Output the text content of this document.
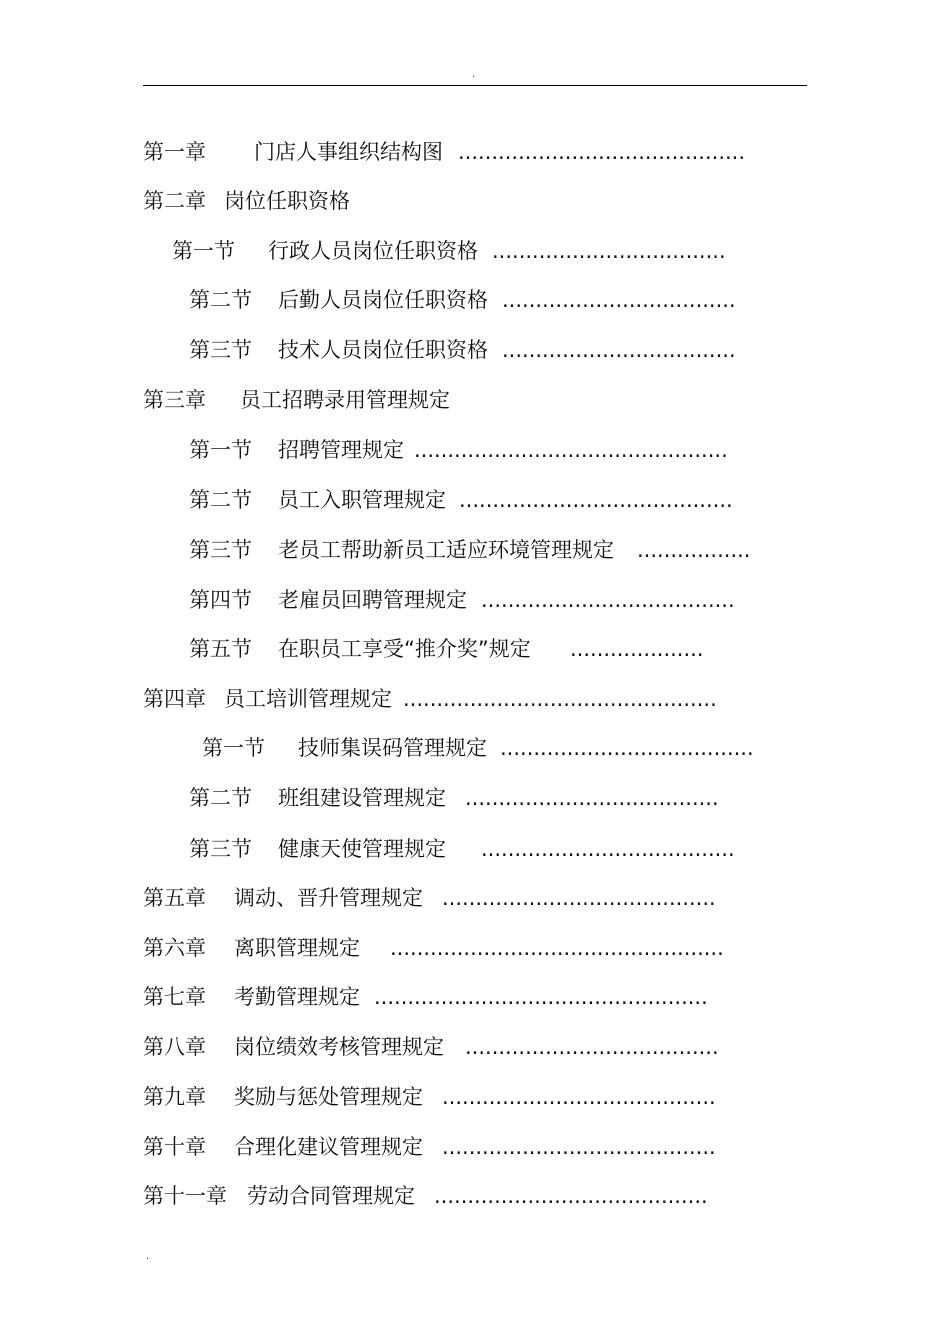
.
第一章 门店人事组织结构图 ...........................................
第二章 岗位任职资格
第一节 行政人员岗位任职资格 ...................................
第二节 后勤人员岗位任职资格 ...................................
第三节 技术人员岗位任职资格 ...................................
第三章 员工招聘录用管理规定
第一节 招聘管理规定 ...............................................
第二节 员工入职管理规定 .........................................
第三节 老员工帮助新员工适应环境管理规定 .................
第四节 老雇员回聘管理规定 ......................................
第五节 在职员工享受“推介奖”规定 ....................
第四章 员工培训管理规定 ...............................................
第一节 技师集误码管理规定 ......................................
第二节 班组建设管理规定 ......................................
第三节 健康天使管理规定 ......................................
第五章 调动、晋升管理规定 .........................................
第六章 离职管理规定 ..................................................
第七章 考勤管理规定 ..................................................
第八章 岗位绩效考核管理规定 ......................................
第九章 奖励与惩处管理规定 .........................................
第十章 合理化建议管理规定 .........................................
第十一章 劳动合同管理规定 .........................................
.
